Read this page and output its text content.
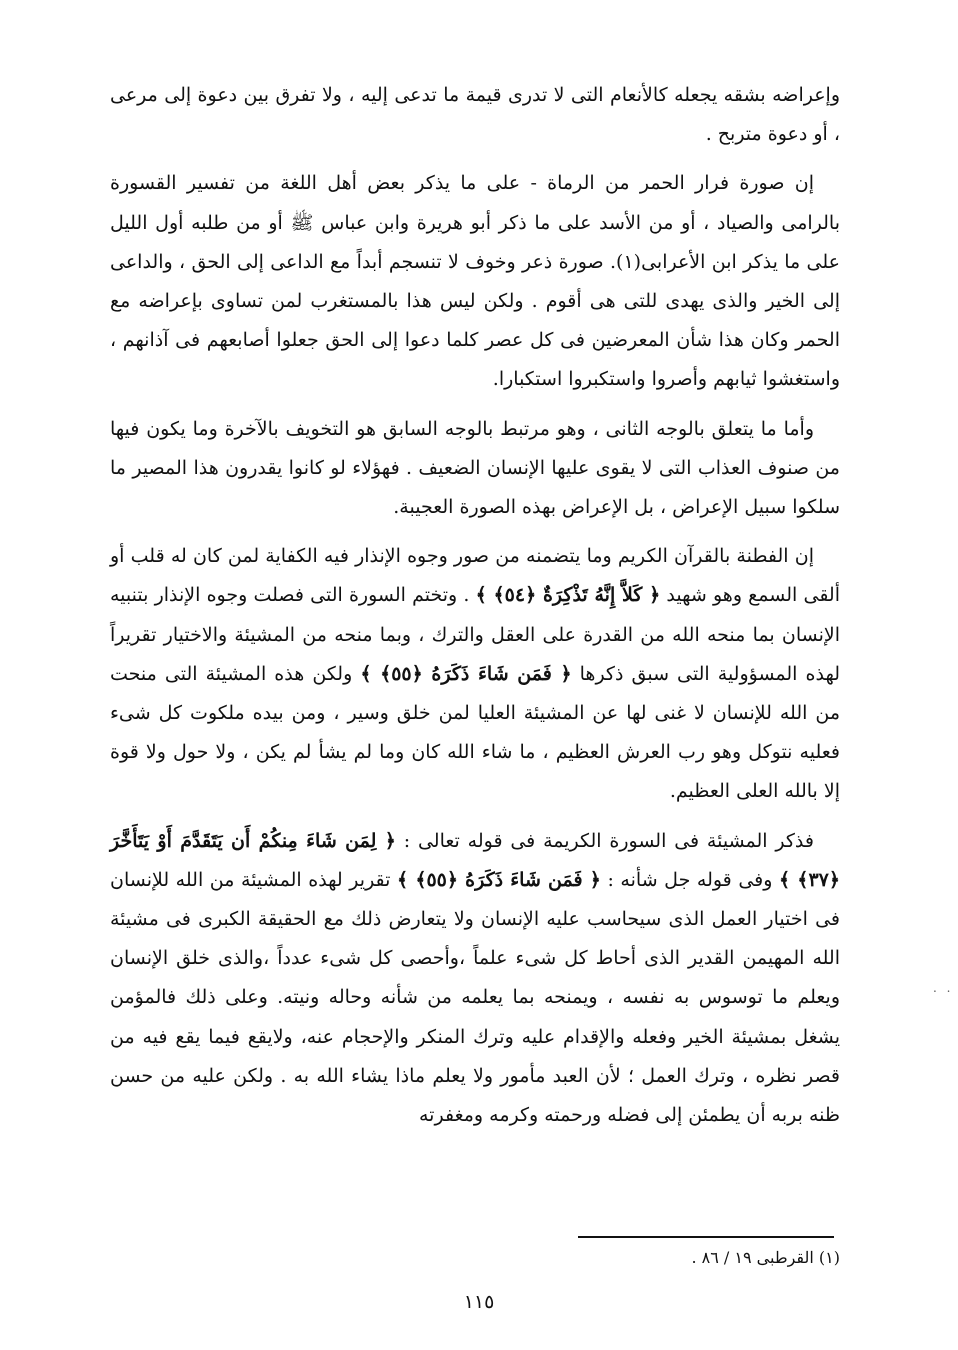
وإعراضه بشقه يجعله كالأنعام التى لا تدرى قيمة ما تدعى إليه ، ولا تفرق بين دعوة إلى مرعى ، أو دعوة متربح .

إن صورة فرار الحمر من الرماة - على ما يذكر بعض أهل اللغة من تفسير القسورة بالرامى والصياد ، أو من الأسد على ما ذكر أبو هريرة وابن عباس ﷺ أو من طلبه أول الليل على ما يذكر ابن الأعرابى(١). صورة ذعر وخوف لا تنسجم أبداً مع الداعى إلى الحق ، والداعى إلى الخير والذى يهدى للتى هى أقوم . ولكن ليس هذا بالمستغرب لمن تساوى بإعراضه مع الحمر وكان هذا شأن المعرضين فى كل عصر كلما دعوا إلى الحق جعلوا أصابعهم فى آذانهم ، واستغشوا ثيابهم وأصروا واستكبروا استكبارا.

وأما ما يتعلق بالوجه الثانى ، وهو مرتبط بالوجه السابق هو التخويف بالآخرة وما يكون فيها من صنوف العذاب التى لا يقوى عليها الإنسان الضعيف . فهؤلاء لو كانوا يقدرون هذا المصير ما سلكوا سبيل الإعراض ، بل الإعراض بهذه الصورة العجيبة.

إن الفطنة بالقرآن الكريم وما يتضمنه من صور وجوه الإنذار فيه الكفاية لمن كان له قلب أو ألقى السمع وهو شهيد ﴿ كَلاَّ إِنَّهُ تَذْكِرَةٌ ﴿٥٤﴾ ﴾ . وتختم السورة التى فصلت وجوه الإنذار بتنبيه الإنسان بما منحه الله من القدرة على العقل والترك ، وبما منحه من المشيئة والاختيار تقريراً لهذه المسؤولية التى سبق ذكرها ﴿ فَمَن شَاءَ ذَكَرَهُ ﴿٥٥﴾ ﴾ ولكن هذه المشيئة التى منحت من الله للإنسان لا غنى لها عن المشيئة العليا لمن خلق وسير ، ومن بيده ملكوت كل شىء فعليه نتوكل وهو رب العرش العظيم ، ما شاء الله كان وما لم يشأ لم يكن ، ولا حول ولا قوة إلا بالله العلى العظيم.

فذكر المشيئة فى السورة الكريمة فى قوله تعالى : ﴿ لِمَن شَاءَ مِنكُمْ أَن يَتَقَدَّمَ أَوْ يَتَأَخَّرَ ﴿٣٧﴾ ﴾ وفى قوله جل شأنه : ﴿ فَمَن شَاءَ ذَكَرَهُ ﴿٥٥﴾ ﴾ تقرير لهذه المشيئة من الله للإنسان فى اختيار العمل الذى سيحاسب عليه الإنسان ولا يتعارض ذلك مع الحقيقة الكبرى فى مشيئة الله المهيمن القدير الذى أحاط كل شىء علماً ،وأحصى كل شىء عدداً ،والذى خلق الإنسان ويعلم ما توسوس به نفسه ، ويمنحه بما يعلمه من شأنه وحاله ونيته. وعلى ذلك فالمؤمن يشغل بمشيئة الخير وفعله والإقدام عليه وترك المنكر والإحجام عنه، ولايقع فيما يقع فيه من قصر نظره ، وترك العمل ؛ لأن العبد مأمور ولا يعلم ماذا يشاء الله به . ولكن عليه من حسن ظنه بربه أن يطمئن إلى فضله ورحمته وكرمه ومغفرته

(١) القرطبى ١٩ / ٨٦ .
١١٥
. .
